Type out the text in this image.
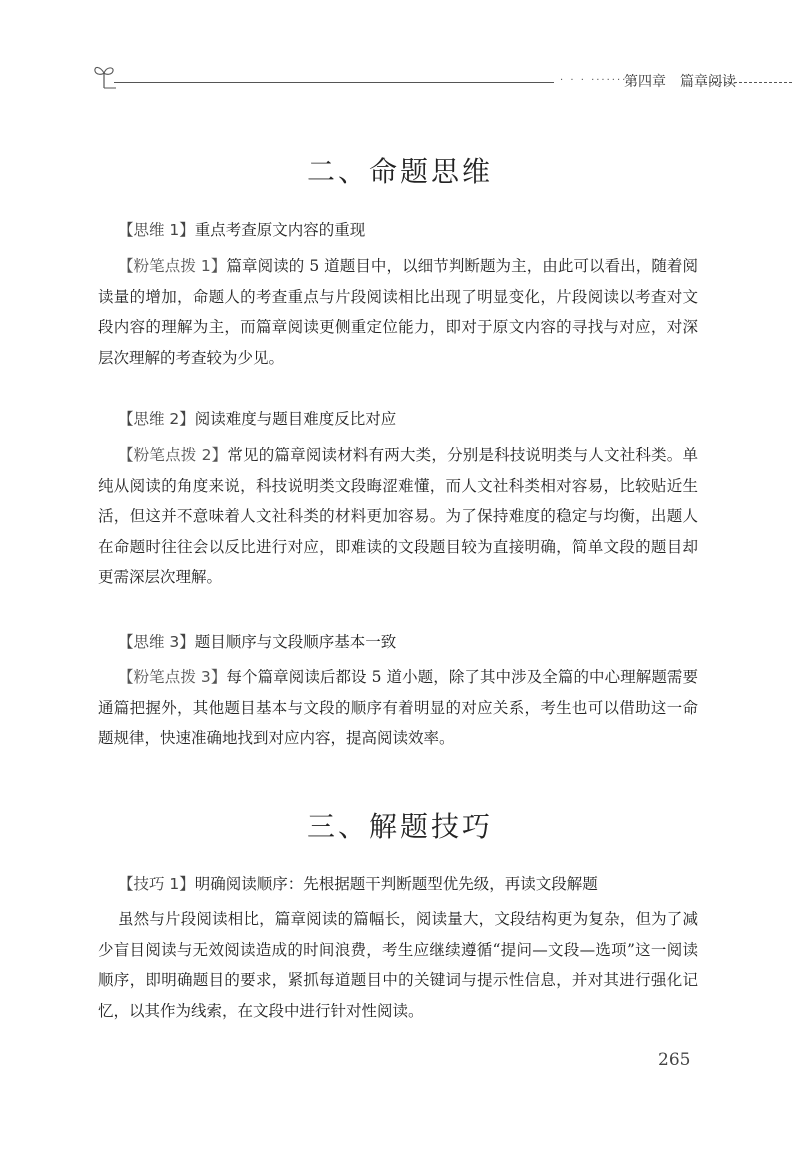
· · · ·········
第四章 篇章阅读
二、命题思维
【思维 1】重点考查原文内容的重现
【粉笔点拨 1】篇章阅读的 5 道题目中，以细节判断题为主，由此可以看出，随着阅读量的增加，命题人的考查重点与片段阅读相比出现了明显变化，片段阅读以考查对文段内容的理解为主，而篇章阅读更侧重定位能力，即对于原文内容的寻找与对应，对深层次理解的考查较为少见。
【思维 2】阅读难度与题目难度反比对应
【粉笔点拨 2】常见的篇章阅读材料有两大类，分别是科技说明类与人文社科类。单纯从阅读的角度来说，科技说明类文段晦涩难懂，而人文社科类相对容易，比较贴近生活，但这并不意味着人文社科类的材料更加容易。为了保持难度的稳定与均衡，出题人在命题时往往会以反比进行对应，即难读的文段题目较为直接明确，简单文段的题目却更需深层次理解。
【思维 3】题目顺序与文段顺序基本一致
【粉笔点拨 3】每个篇章阅读后都设 5 道小题，除了其中涉及全篇的中心理解题需要通篇把握外，其他题目基本与文段的顺序有着明显的对应关系，考生也可以借助这一命题规律，快速准确地找到对应内容，提高阅读效率。
三、解题技巧
【技巧 1】明确阅读顺序：先根据题干判断题型优先级，再读文段解题
虽然与片段阅读相比，篇章阅读的篇幅长，阅读量大，文段结构更为复杂，但为了减少盲目阅读与无效阅读造成的时间浪费，考生应继续遵循“提问—文段—选项”这一阅读顺序，即明确题目的要求，紧抓每道题目中的关键词与提示性信息，并对其进行强化记忆，以其作为线索，在文段中进行针对性阅读。
265
